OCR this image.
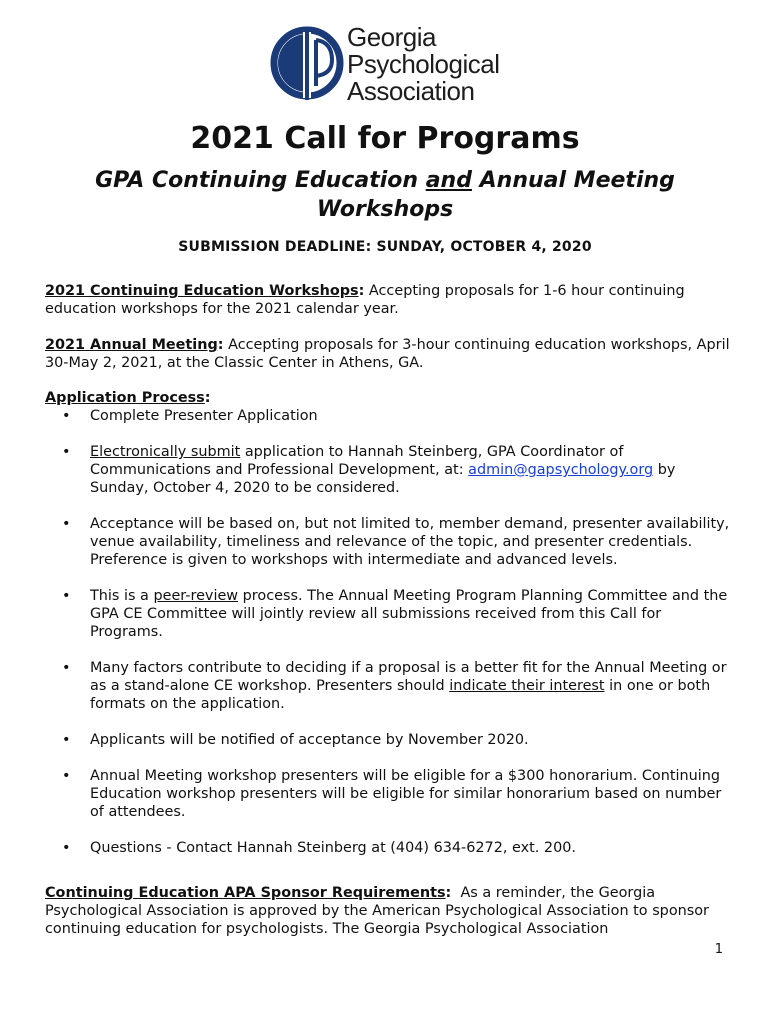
Georgia
Psychological
Association
2021 Call for Programs
GPA Continuing Education and Annual Meeting Workshops
SUBMISSION DEADLINE: SUNDAY, OCTOBER 4, 2020

2021 Continuing Education Workshops: Accepting proposals for 1-6 hour continuing education workshops for the 2021 calendar year.

2021 Annual Meeting: Accepting proposals for 3-hour continuing education workshops, April 30-May 2, 2021, at the Classic Center in Athens, GA.

Application Process:

• Complete Presenter Application
• Electronically submit application to Hannah Steinberg, GPA Coordinator of Communications and Professional Development, at: admin@gapsychology.org by Sunday, October 4, 2020 to be considered.
• Acceptance will be based on, but not limited to, member demand, presenter availability, venue availability, timeliness and relevance of the topic, and presenter credentials. Preference is given to workshops with intermediate and advanced levels.
• This is a peer-review process. The Annual Meeting Program Planning Committee and the GPA CE Committee will jointly review all submissions received from this Call for Programs.
• Many factors contribute to deciding if a proposal is a better fit for the Annual Meeting or as a stand-alone CE workshop. Presenters should indicate their interest in one or both formats on the application.
• Applicants will be notified of acceptance by November 2020.
• Annual Meeting workshop presenters will be eligible for a $300 honorarium. Continuing Education workshop presenters will be eligible for similar honorarium based on number of attendees.
• Questions - Contact Hannah Steinberg at (404) 634-6272, ext. 200.

Continuing Education APA Sponsor Requirements:  As a reminder, the Georgia Psychological Association is approved by the American Psychological Association to sponsor continuing education for psychologists. The Georgia Psychological Association

1
